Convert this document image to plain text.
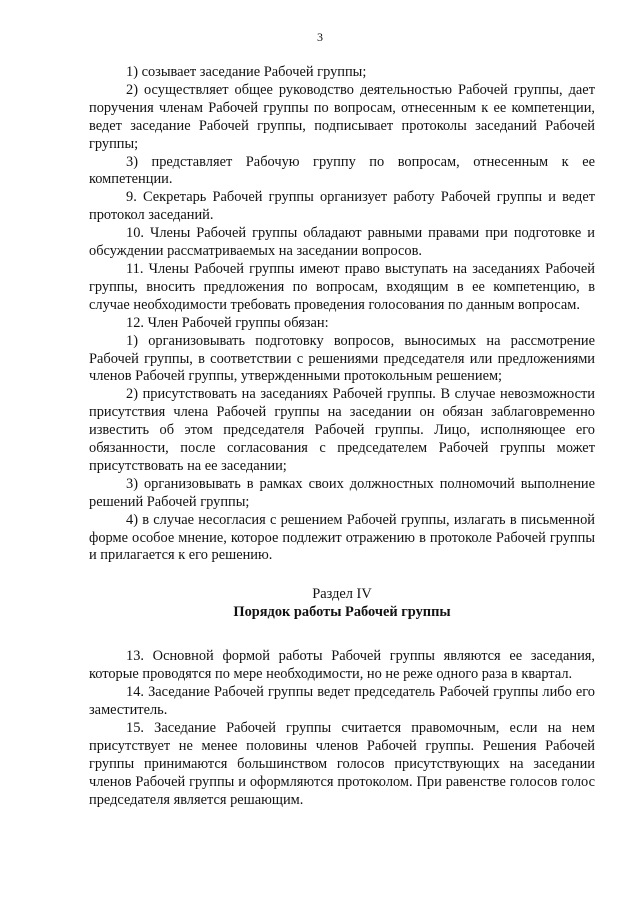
3

1) созывает заседание Рабочей группы;

2) осуществляет общее руководство деятельностью Рабочей группы, дает поручения членам Рабочей группы по вопросам, отнесенным к ее компетенции, ведет заседание Рабочей группы, подписывает протоколы заседаний Рабочей группы;

3) представляет Рабочую группу по вопросам, отнесенным к ее компетенции.

9. Секретарь Рабочей группы организует работу Рабочей группы и ведет протокол заседаний.

10. Члены Рабочей группы обладают равными правами при подготовке и обсуждении рассматриваемых на заседании вопросов.

11. Члены Рабочей группы имеют право выступать на заседаниях Рабочей группы, вносить предложения по вопросам, входящим в ее компетенцию, в случае необходимости требовать проведения голосования по данным вопросам.

12. Член Рабочей группы обязан:

1) организовывать подготовку вопросов, выносимых на рассмотрение Рабочей группы, в соответствии с решениями председателя или предложениями членов Рабочей группы, утвержденными протокольным решением;

2) присутствовать на заседаниях Рабочей группы. В случае невозможности присутствия члена Рабочей группы на заседании он обязан заблаговременно известить об этом председателя Рабочей группы. Лицо, исполняющее его обязанности, после согласования с председателем Рабочей группы может присутствовать на ее заседании;

3) организовывать в рамках своих должностных полномочий выполнение решений Рабочей группы;

4) в случае несогласия с решением Рабочей группы, излагать в письменной форме особое мнение, которое подлежит отражению в протоколе Рабочей группы и прилагается к его решению.

Раздел IV
Порядок работы Рабочей группы

13. Основной формой работы Рабочей группы являются ее заседания, которые проводятся по мере необходимости, но не реже одного раза в квартал.

14. Заседание Рабочей группы ведет председатель Рабочей группы либо его заместитель.

15. Заседание Рабочей группы считается правомочным, если на нем присутствует не менее половины членов Рабочей группы. Решения Рабочей группы принимаются большинством голосов присутствующих на заседании членов Рабочей группы и оформляются протоколом. При равенстве голосов голос председателя является решающим.
